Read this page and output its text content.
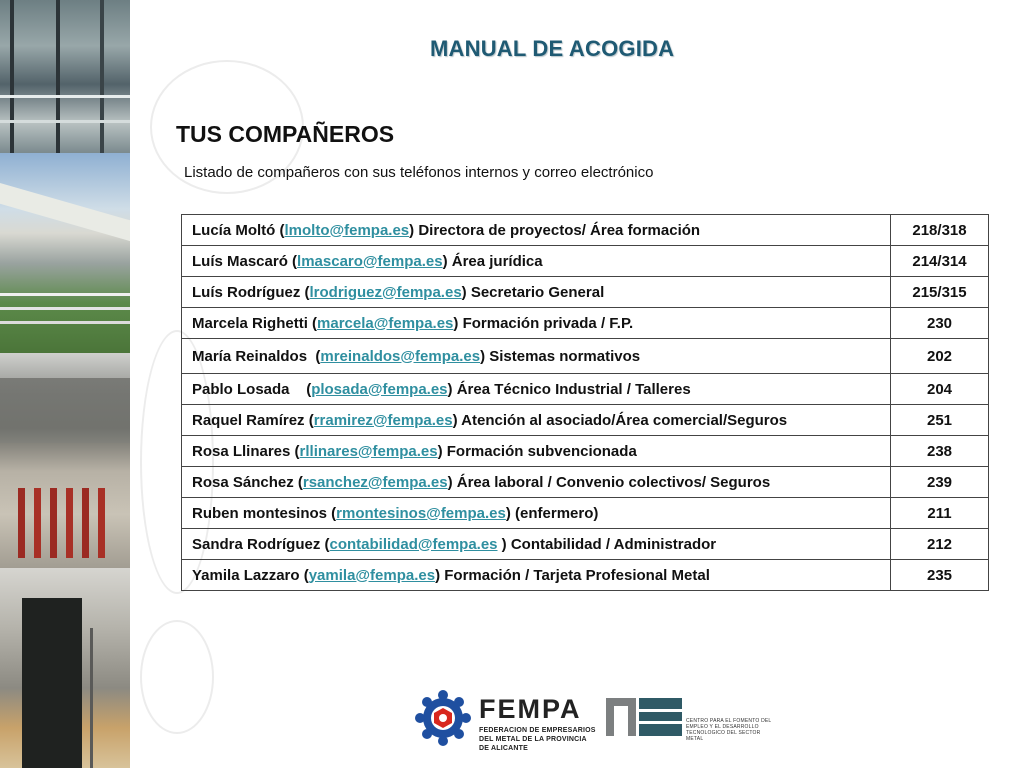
MANUAL DE ACOGIDA
TUS COMPAÑEROS
Listado de compañeros con sus teléfonos internos y correo electrónico
Lucía Moltó (lmolto@fempa.es) Directora de proyectos/ Área formación	218/318
Luís Mascaró (lmascaro@fempa.es) Área jurídica	214/314
Luís Rodríguez (lrodriguez@fempa.es) Secretario General	215/315
Marcela Righetti (marcela@fempa.es) Formación privada / F.P.	230
María Reinaldos  (mreinaldos@fempa.es) Sistemas normativos	202
Pablo Losada    (plosada@fempa.es) Área Técnico Industrial / Talleres	204
Raquel Ramírez (rramirez@fempa.es) Atención al asociado/Área comercial/Seguros	251
Rosa Llinares (rllinares@fempa.es) Formación subvencionada	238
Rosa Sánchez (rsanchez@fempa.es) Área laboral / Convenio colectivos/ Seguros	239
Ruben montesinos (rmontesinos@fempa.es) (enfermero)	211
Sandra Rodríguez (contabilidad@fempa.es ) Contabilidad / Administrador	212
Yamila Lazzaro (yamila@fempa.es) Formación / Tarjeta Profesional Metal	235
FEMPA
FEDERACION DE EMPRESARIOS DEL METAL DE LA PROVINCIA DE ALICANTE
CENTRO PARA EL FOMENTO DEL EMPLEO Y EL DESARROLLO TECNOLOGICO DEL SECTOR METAL
